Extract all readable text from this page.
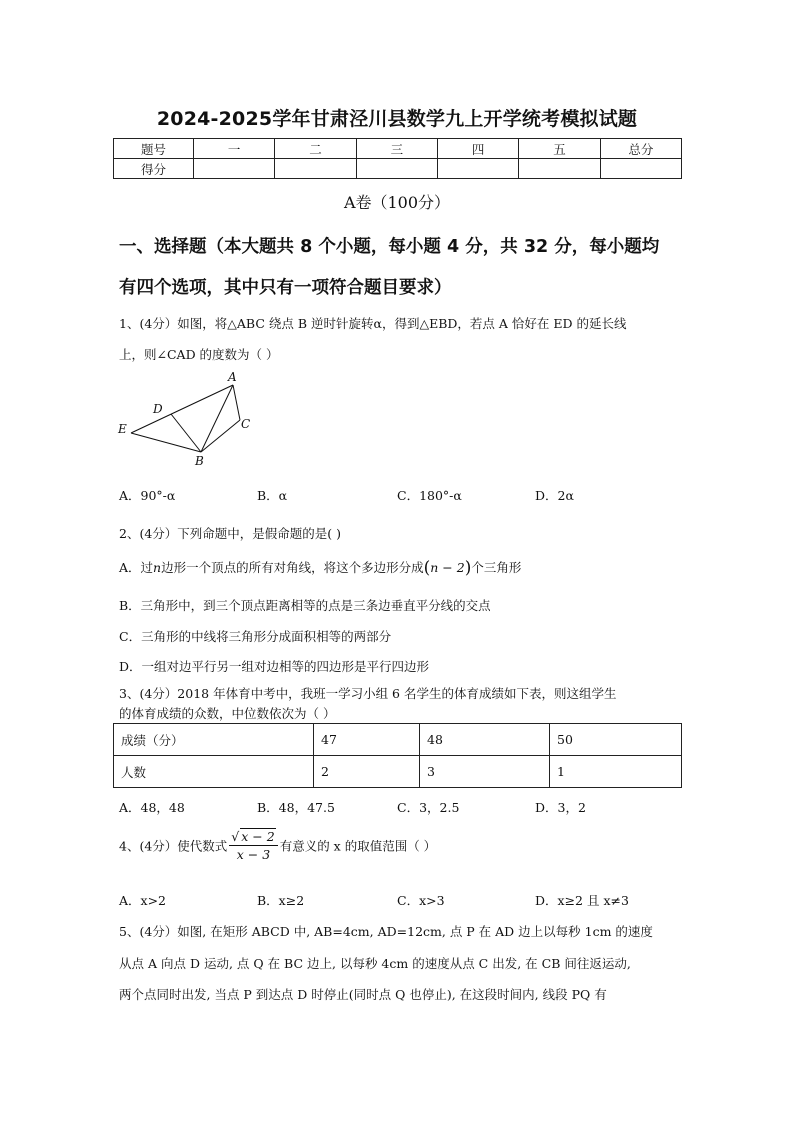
2024-2025学年甘肃泾川县数学九上开学统考模拟试题
题号	一	二	三	四	五	总分
得分						
A卷（100分）
一、选择题（本大题共 8 个小题，每小题 4 分，共 32 分，每小题均
有四个选项，其中只有一项符合题目要求）
1、(4分）如图，将△ABC 绕点 B 逆时针旋转α，得到△EBD，若点 A 恰好在 ED 的延长线
上，则∠CAD 的度数为（ ）
A
D
E	C
B
A．90°-α	B．α	C．180°-α	D．2α
2、(4分）下列命题中，是假命题的是( )
A．过n边形一个顶点的所有对角线，将这个多边形分成(n − 2)个三角形
B．三角形中，到三个顶点距离相等的点是三条边垂直平分线的交点
C．三角形的中线将三角形分成面积相等的两部分
D．一组对边平行另一组对边相等的四边形是平行四边形
3、(4分）2018 年体育中考中，我班一学习小组 6 名学生的体育成绩如下表，则这组学生
的体育成绩的众数，中位数依次为（ ）
成绩（分）	47	48	50
人数	2	3	1
A．48，48	B．48，47.5	C．3，2.5	D．3，2
4、(4分）使代数式 $\frac{√ x - 2}{x - 3}$ 有意义的 x 的取值范围（ ）
A．x>2	B．x≥2	C．x>3	D．x≥2 且 x≠3
5、(4分）如图, 在矩形 ABCD 中, AB=4cm, AD=12cm, 点 P 在 AD 边上以每秒 1cm 的速度
从点 A 向点 D 运动, 点 Q 在 BC 边上, 以每秒 4cm 的速度从点 C 出发, 在 CB 间往返运动,
两个点同时出发, 当点 P 到达点 D 时停止(同时点 Q 也停止), 在这段时间内, 线段 PQ 有
